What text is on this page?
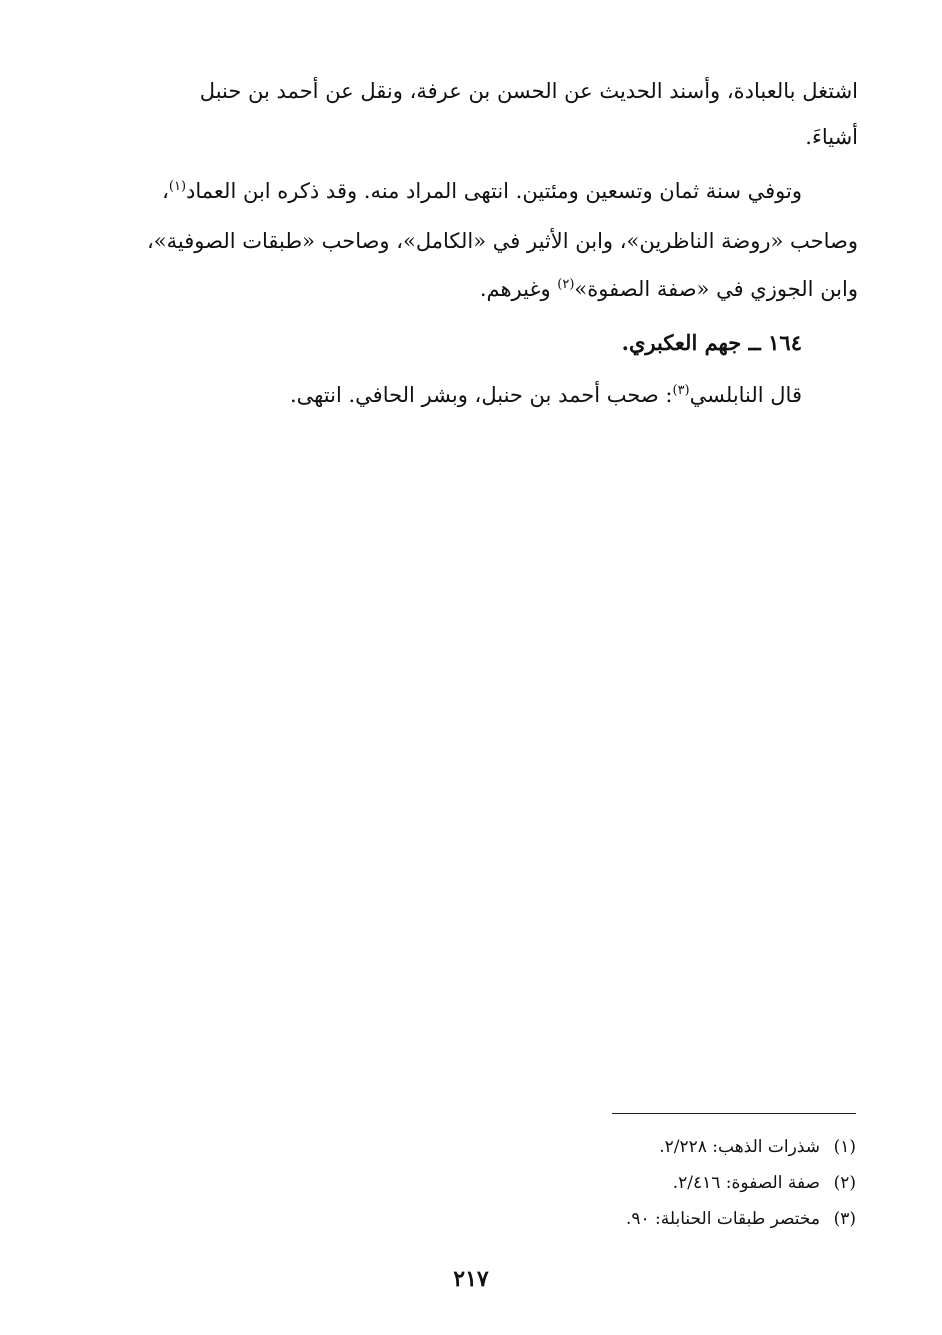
اشتغل بالعبادة، وأسند الحديث عن الحسن بن عرفة، ونقل عن أحمد بن حنبل
أشياءَ.
وتوفي سنة ثمان وتسعين ومئتين. انتهى المراد منه. وقد ذكره ابن العماد$^{(١)}$،
وصاحب «روضة الناظرين»، وابن الأثير في «الكامل»، وصاحب «طبقات الصوفية»،
وابن الجوزي في «صفة الصفوة»$^{(٢)}$ وغيرهم.
١٦٤ ــ جهم العكبري.
قال النابلسي$^{(٣)}$: صحب أحمد بن حنبل، وبشر الحافي. انتهى.
(١)شذرات الذهب: ٢/٢٢٨.
(٢)صفة الصفوة: ٢/٤١٦.
(٣)مختصر طبقات الحنابلة: ٩٠.
٢١٧
